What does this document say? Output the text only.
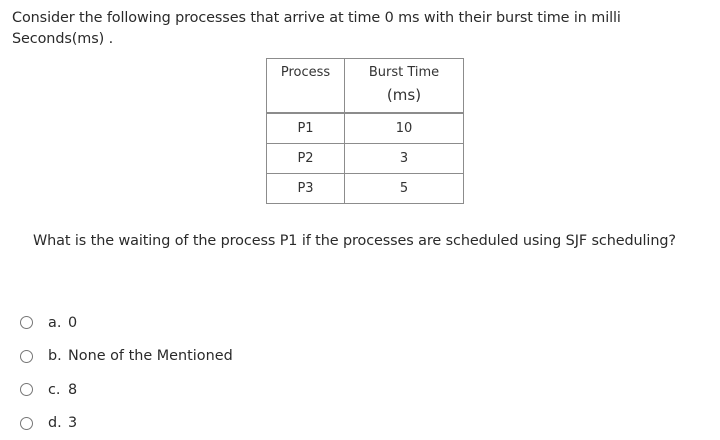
Consider the following processes that arrive at time 0 ms with their burst time in milli Seconds(ms) .
Process	Burst Time
(ms)

P1	10
P2	3
P3	5
What is the waiting of the process P1 if the processes are scheduled using SJF scheduling?
a. 0
b. None of the Mentioned
c. 8
d. 3
